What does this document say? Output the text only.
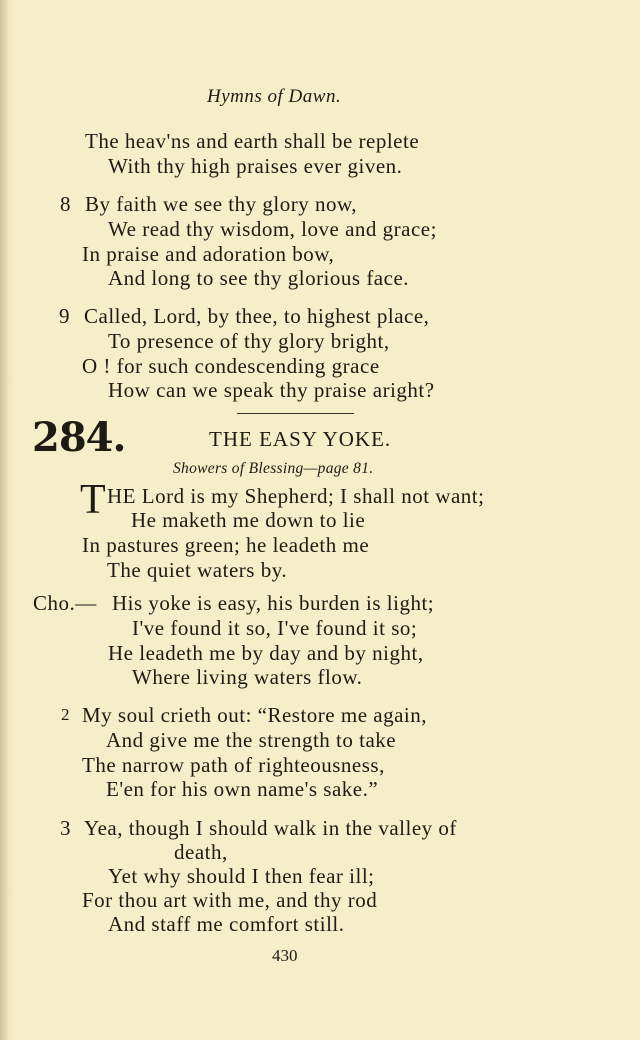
Hymns of Dawn.
The heav'ns and earth shall be replete
With thy high praises ever given.
8 By faith we see thy glory now,
We read thy wisdom, love and grace;
In praise and adoration bow,
And long to see thy glorious face.
9 Called, Lord, by thee, to highest place,
To presence of thy glory bright,
O ! for such condescending grace
How can we speak thy praise aright?
284.	THE EASY YOKE.
Showers of Blessing—page 81.
T HE Lord is my Shepherd; I shall not want;
He maketh me down to lie
In pastures green; he leadeth me
The quiet waters by.
Cho.— His yoke is easy, his burden is light;
I've found it so, I've found it so;
He leadeth me by day and by night,
Where living waters flow.
2 My soul crieth out: “Restore me again,
And give me the strength to take
The narrow path of righteousness,
E'en for his own name's sake.”
3 Yea, though I should walk in the valley of
death,
Yet why should I then fear ill;
For thou art with me, and thy rod
And staff me comfort still.
430
